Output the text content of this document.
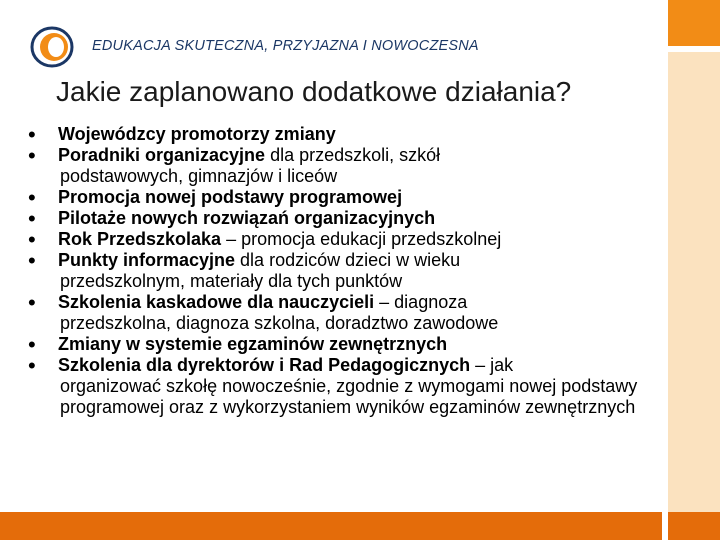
EDUKACJA SKUTECZNA, PRZYJAZNA I NOWOCZESNA
Jakie zaplanowano dodatkowe działania?
• Wojewódzcy promotorzy zmiany
• Poradniki organizacyjne dla przedszkoli, szkół
podstawowych, gimnazjów i liceów
• Promocja nowej podstawy programowej
• Pilotaże nowych rozwiązań organizacyjnych
• Rok Przedszkolaka – promocja edukacji przedszkolnej
• Punkty informacyjne dla rodziców dzieci w wieku
przedszkolnym, materiały dla tych punktów
• Szkolenia kaskadowe dla nauczycieli – diagnoza
przedszkolna, diagnoza szkolna, doradztwo zawodowe
• Zmiany w systemie egzaminów zewnętrznych
• Szkolenia dla dyrektorów i Rad Pedagogicznych – jak
organizować szkołę nowocześnie, zgodnie z wymogami nowej podstawy programowej oraz z wykorzystaniem wyników egzaminów zewnętrznych
